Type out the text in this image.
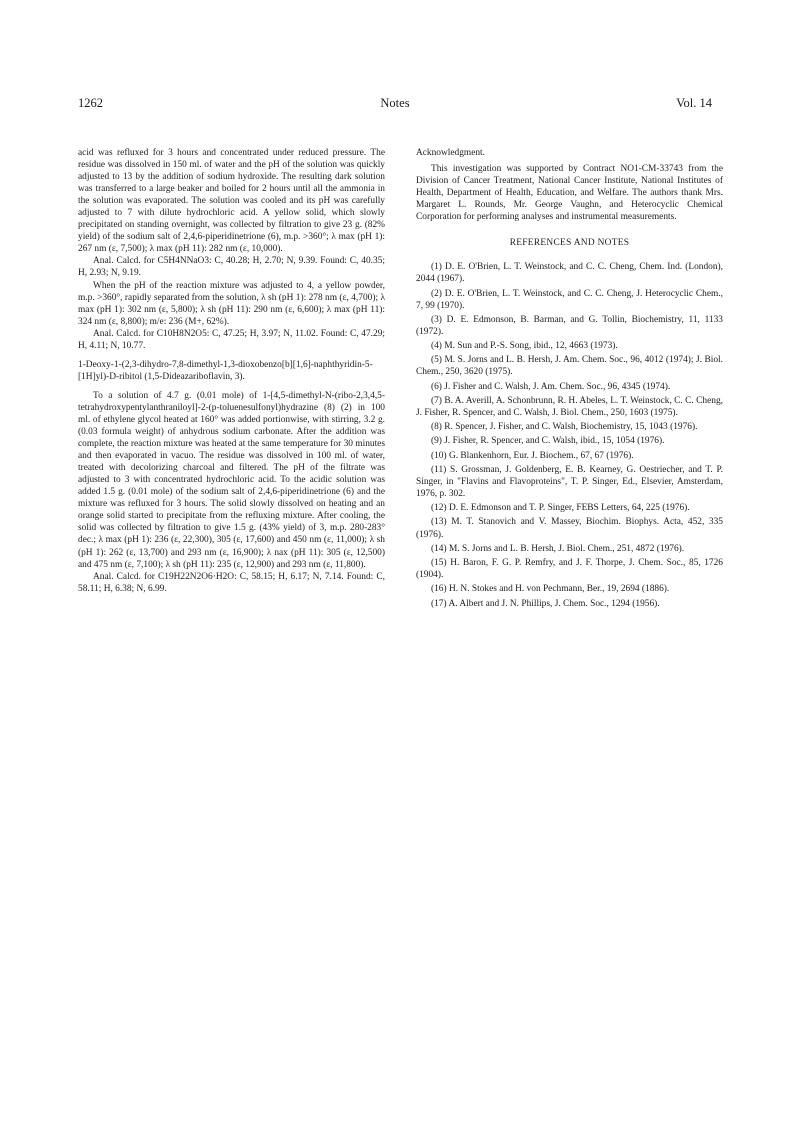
1262	Notes	Vol. 14

acid was refluxed for 3 hours and concentrated under reduced pressure. The residue was dissolved in 150 ml. of water and the pH of the solution was quickly adjusted to 13 by the addition of sodium hydroxide. The resulting dark solution was transferred to a large beaker and boiled for 2 hours until all the ammonia in the solution was evaporated. The solution was cooled and its pH was carefully adjusted to 7 with dilute hydrochloric acid. A yellow solid, which slowly precipitated on standing overnight, was collected by filtration to give 23 g. (82% yield) of the sodium salt of 2,4,6-piperidinetrione (6), m.p. >360°; λ max (pH 1): 267 nm (ε, 7,500); λ max (pH 11): 282 nm (ε, 10,000).

Anal. Calcd. for C5H4NNaO3: C, 40.28; H, 2.70; N, 9.39. Found: C, 40.35; H, 2.93; N, 9.19.

When the pH of the reaction mixture was adjusted to 4, a yellow powder, m.p. >360°, rapidly separated from the solution, λ sh (pH 1): 278 nm (ε, 4,700); λ max (pH 1): 302 nm (ε, 5,800); λ sh (pH 11): 290 nm (ε, 6,600); λ max (pH 11): 324 nm (ε, 8,800); m/e: 236 (M+, 62%).

Anal. Calcd. for C10H8N2O5: C, 47.25; H, 3.97; N, 11.02. Found: C, 47.29; H, 4.11; N, 10.77.

1-Deoxy-1-(2,3-dihydro-7,8-dimethyl-1,3-dioxobenzo[b][1,6]-naphthyridin-5-[1H]yl)-D-ribitol (1,5-Dideazariboflavin, 3).

To a solution of 4.7 g. (0.01 mole) of 1-[4,5-dimethyl-N-(ribo-2,3,4,5-tetrahydroxypentylanthraniloyl]-2-(p-toluenesulfonyl)hydrazine (8) (2) in 100 ml. of ethylene glycol heated at 160° was added portionwise, with stirring, 3.2 g. (0.03 formula weight) of anhydrous sodium carbonate. After the addition was complete, the reaction mixture was heated at the same temperature for 30 minutes and then evaporated in vacuo. The residue was dissolved in 100 ml. of water, treated with decolorizing charcoal and filtered. The pH of the filtrate was adjusted to 3 with concentrated hydrochloric acid. To the acidic solution was added 1.5 g. (0.01 mole) of the sodium salt of 2,4,6-piperidinetrione (6) and the mixture was refluxed for 3 hours. The solid slowly dissolved on heating and an orange solid started to precipitate from the refluxing mixture. After cooling, the solid was collected by filtration to give 1.5 g. (43% yield) of 3, m.p. 280-283° dec.; λ max (pH 1): 236 (ε, 22,300), 305 (ε, 17,600) and 450 nm (ε, 11,000); λ sh (pH 1): 262 (ε, 13,700) and 293 nm (ε, 16,900); λ nax (pH 11): 305 (ε, 12,500) and 475 nm (ε, 7,100); λ sh (pH 11): 235 (ε, 12,900) and 293 nm (ε, 11,800).

Anal. Calcd. for C19H22N2O6·H2O: C, 58.15; H, 6.17; N, 7.14. Found: C, 58.11; H, 6.38; N, 6.99.

Acknowledgment.

This investigation was supported by Contract NO1-CM-33743 from the Division of Cancer Treatment, National Cancer Institute, National Institutes of Health, Department of Health, Education, and Welfare. The authors thank Mrs. Margaret L. Rounds, Mr. George Vaughn, and Heterocyclic Chemical Corporation for performing analyses and instrumental measurements.

REFERENCES AND NOTES
(1) D. E. O'Brien, L. T. Weinstock, and C. C. Cheng, Chem. Ind. (London), 2044 (1967).
(2) D. E. O'Brien, L. T. Weinstock, and C. C. Cheng, J. Heterocyclic Chem., 7, 99 (1970).
(3) D. E. Edmonson, B. Barman, and G. Tollin, Biochemistry, 11, 1133 (1972).
(4) M. Sun and P.-S. Song, ibid., 12, 4663 (1973).
(5) M. S. Jorns and L. B. Hersh, J. Am. Chem. Soc., 96, 4012 (1974); J. Biol. Chem., 250, 3620 (1975).
(6) J. Fisher and C. Walsh, J. Am. Chem. Soc., 96, 4345 (1974).
(7) B. A. Averill, A. Schonbrunn, R. H. Abeles, L. T. Weinstock, C. C. Cheng, J. Fisher, R. Spencer, and C. Walsh, J. Biol. Chem., 250, 1603 (1975).
(8) R. Spencer, J. Fisher, and C. Walsh, Biochemistry, 15, 1043 (1976).
(9) J. Fisher, R. Spencer, and C. Walsh, ibid., 15, 1054 (1976).
(10) G. Blankenhorn, Eur. J. Biochem., 67, 67 (1976).
(11) S. Grossman, J. Goldenberg, E. B. Kearney, G. Oestriecher, and T. P. Singer, in "Flavins and Flavoproteins", T. P. Singer, Ed., Elsevier, Amsterdam, 1976, p. 302.
(12) D. E. Edmonson and T. P. Singer, FEBS Letters, 64, 225 (1976).
(13) M. T. Stanovich and V. Massey, Biochim. Biophys. Acta, 452, 335 (1976).
(14) M. S. Jorns and L. B. Hersh, J. Biol. Chem., 251, 4872 (1976).
(15) H. Baron, F. G. P. Remfry, and J. F. Thorpe, J. Chem. Soc., 85, 1726 (1904).
(16) H. N. Stokes and H. von Pechmann, Ber., 19, 2694 (1886).
(17) A. Albert and J. N. Phillips, J. Chem. Soc., 1294 (1956).
